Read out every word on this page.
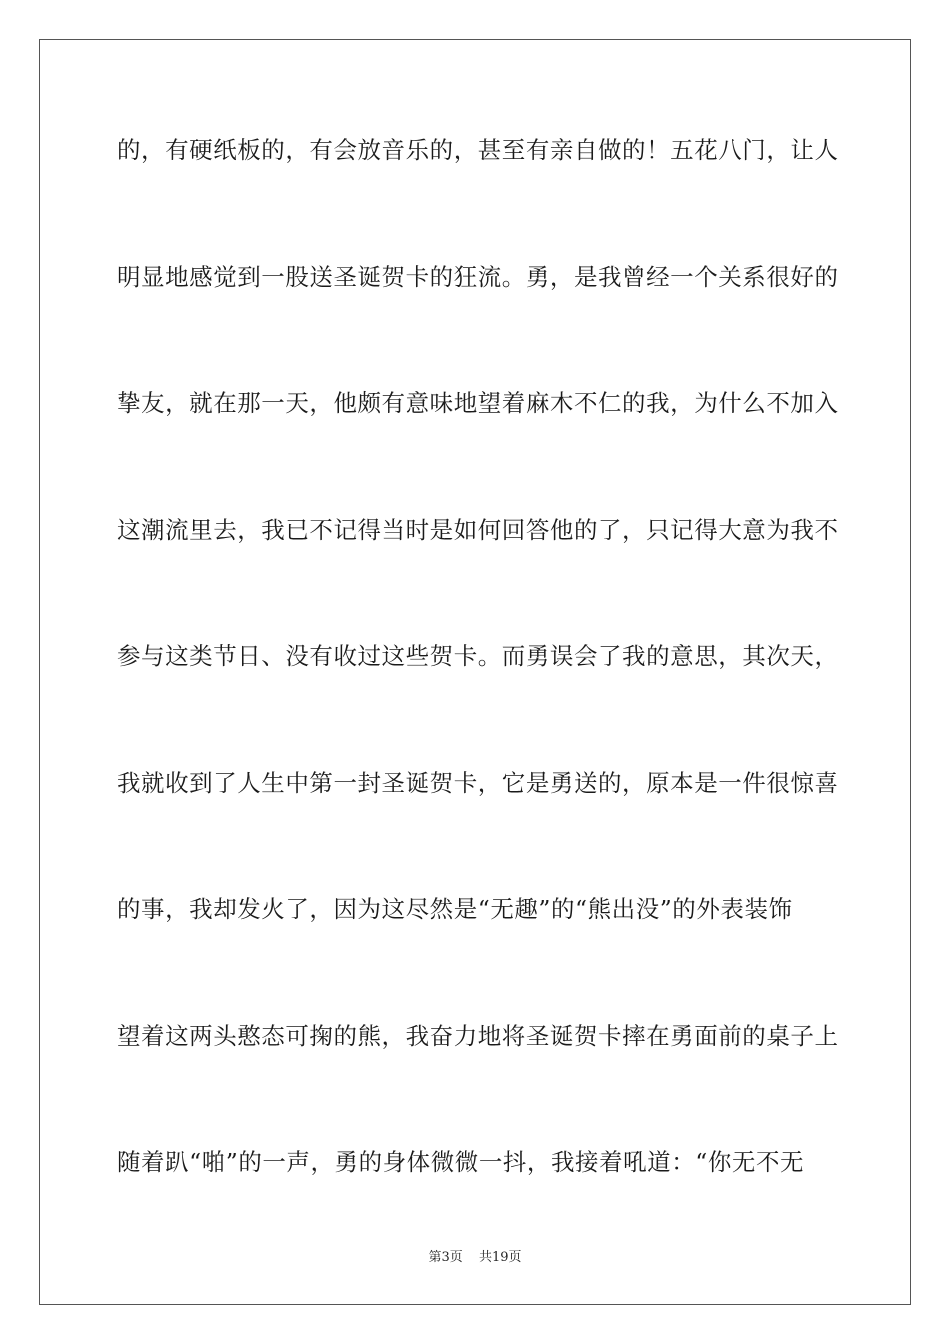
的，有硬纸板的，有会放音乐的，甚至有亲自做的！五花八门，让人
明显地感觉到一股送圣诞贺卡的狂流。勇，是我曾经一个关系很好的
挚友，就在那一天，他颇有意味地望着麻木不仁的我，为什么不加入
这潮流里去，我已不记得当时是如何回答他的了，只记得大意为我不
参与这类节日、没有收过这些贺卡。而勇误会了我的意思，其次天，
我就收到了人生中第一封圣诞贺卡，它是勇送的，原本是一件很惊喜
的事，我却发火了，因为这尽然是“无趣”的“熊出没”的外表装饰
望着这两头憨态可掬的熊，我奋力地将圣诞贺卡摔在勇面前的桌子上
随着趴“啪”的一声，勇的身体微微一抖，我接着吼道：“你无不无
第3页 共19页
